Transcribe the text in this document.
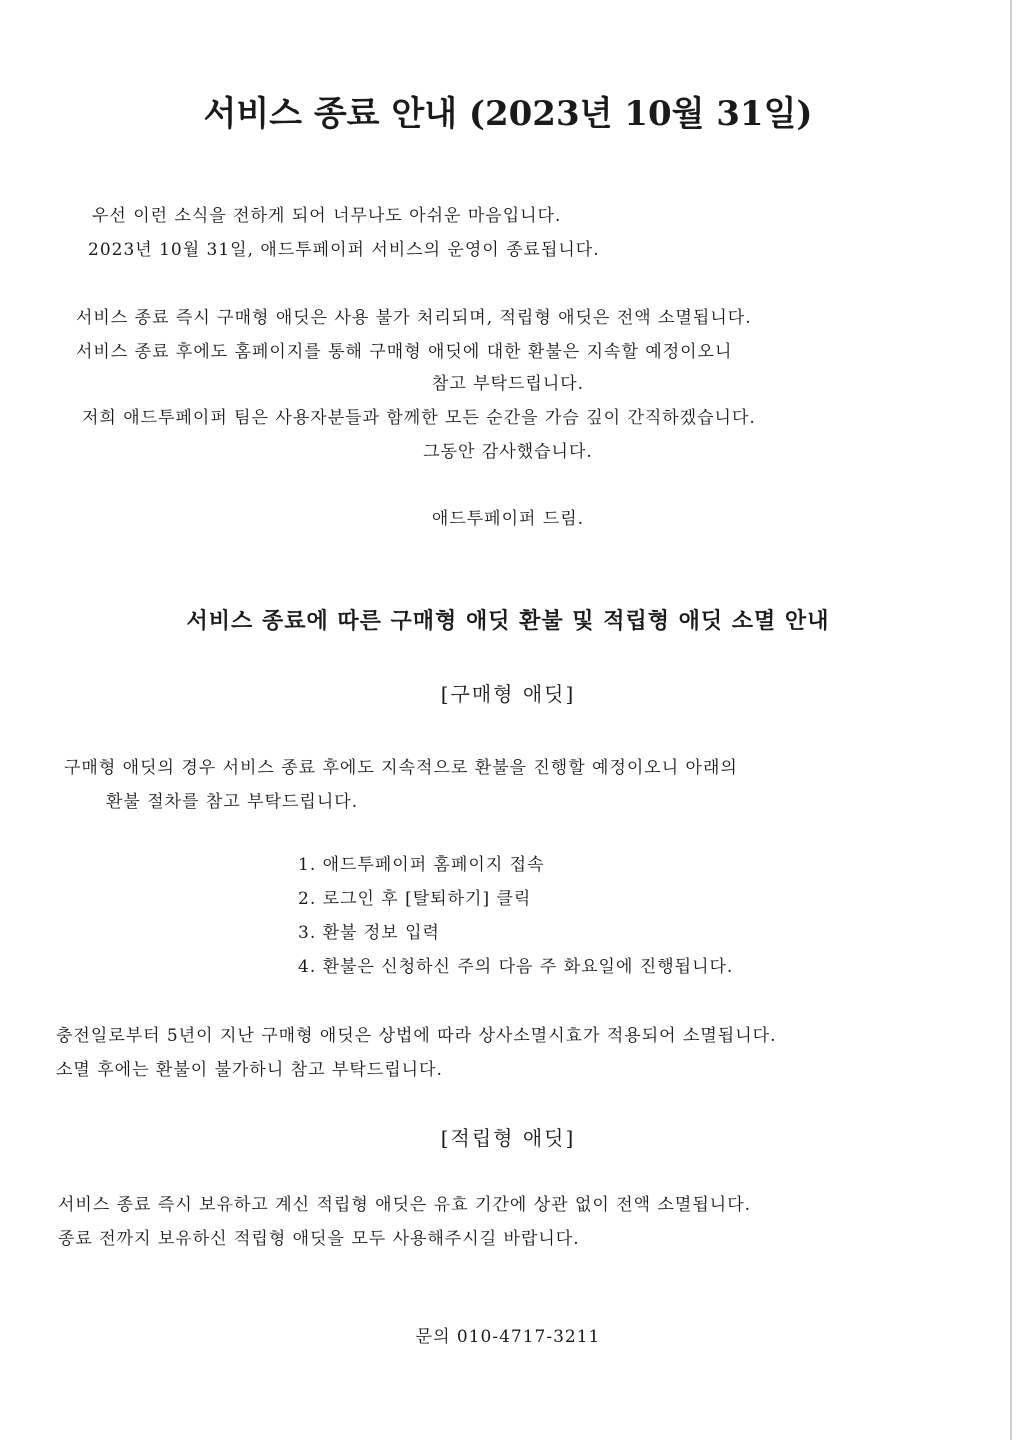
서비스 종료 안내 (2023년 10월 31일)
우선 이런 소식을 전하게 되어 너무나도 아쉬운 마음입니다.
2023년 10월 31일, 애드투페이퍼 서비스의 운영이 종료됩니다.
서비스 종료 즉시 구매형 애딧은 사용 불가 처리되며, 적립형 애딧은 전액 소멸됩니다.
서비스 종료 후에도 홈페이지를 통해 구매형 애딧에 대한 환불은 지속할 예정이오니
참고 부탁드립니다.
저희 애드투페이퍼 팀은 사용자분들과 함께한 모든 순간을 가슴 깊이 간직하겠습니다.
그동안 감사했습니다.
애드투페이퍼 드림.
서비스 종료에 따른 구매형 애딧 환불 및 적립형 애딧 소멸 안내
[구매형 애딧]
구매형 애딧의 경우 서비스 종료 후에도 지속적으로 환불을 진행할 예정이오니 아래의
환불 절차를 참고 부탁드립니다.
1. 애드투페이퍼 홈페이지 접속
2. 로그인 후 [탈퇴하기] 클릭
3. 환불 정보 입력
4. 환불은 신청하신 주의 다음 주 화요일에 진행됩니다.
충전일로부터 5년이 지난 구매형 애딧은 상법에 따라 상사소멸시효가 적용되어 소멸됩니다.
소멸 후에는 환불이 불가하니 참고 부탁드립니다.
[적립형 애딧]
서비스 종료 즉시 보유하고 계신 적립형 애딧은 유효 기간에 상관 없이 전액 소멸됩니다.
종료 전까지 보유하신 적립형 애딧을 모두 사용해주시길 바랍니다.
문의 010-4717-3211
